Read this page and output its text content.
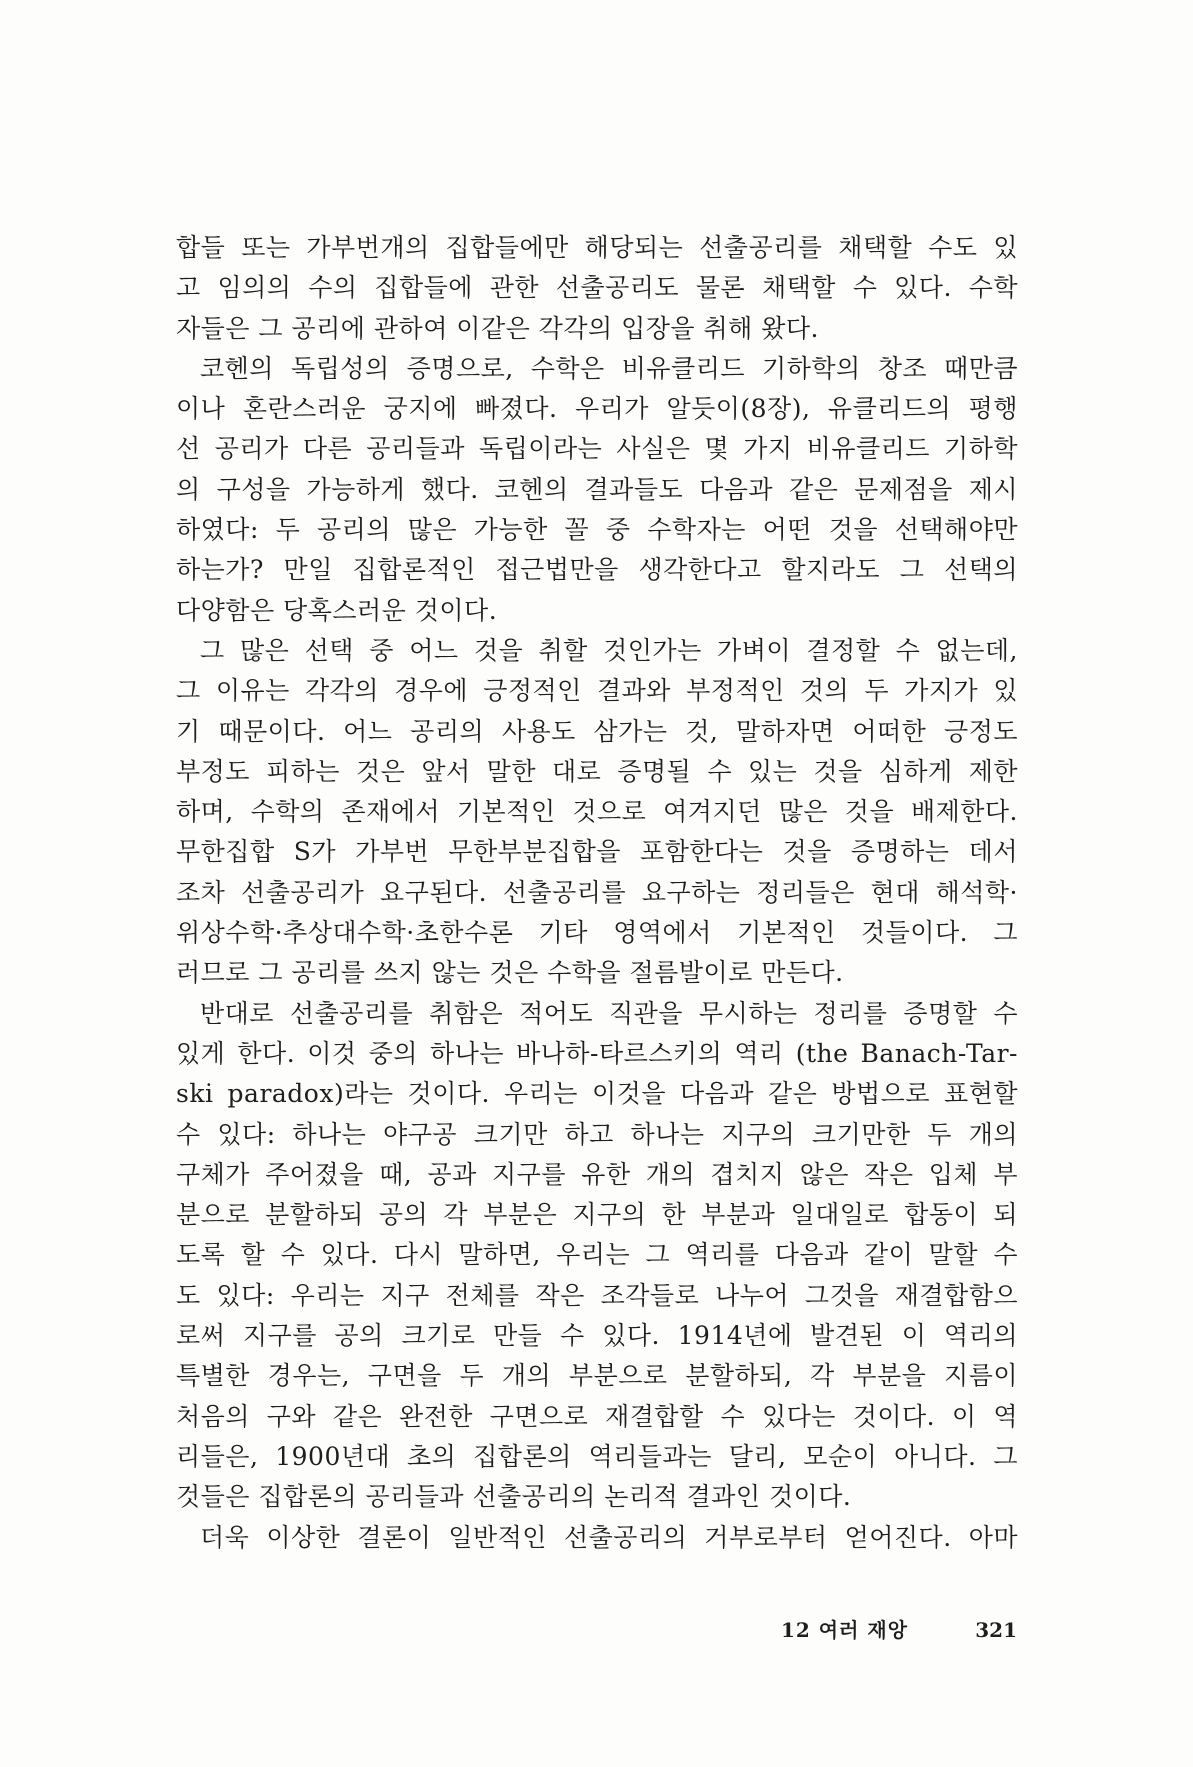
합들 또는 가부번개의 집합들에만 해당되는 선출공리를 채택할 수도 있
고 임의의 수의 집합들에 관한 선출공리도 물론 채택할 수 있다. 수학
자들은 그 공리에 관하여 이같은 각각의 입장을 취해 왔다.
코헨의 독립성의 증명으로, 수학은 비유클리드 기하학의 창조 때만큼
이나 혼란스러운 궁지에 빠졌다. 우리가 알듯이(8장), 유클리드의 평행
선 공리가 다른 공리들과 독립이라는 사실은 몇 가지 비유클리드 기하학
의 구성을 가능하게 했다. 코헨의 결과들도 다음과 같은 문제점을 제시
하였다: 두 공리의 많은 가능한 꼴 중 수학자는 어떤 것을 선택해야만
하는가? 만일 집합론적인 접근법만을 생각한다고 할지라도 그 선택의
다양함은 당혹스러운 것이다.
그 많은 선택 중 어느 것을 취할 것인가는 가벼이 결정할 수 없는데,
그 이유는 각각의 경우에 긍정적인 결과와 부정적인 것의 두 가지가 있
기 때문이다. 어느 공리의 사용도 삼가는 것, 말하자면 어떠한 긍정도
부정도 피하는 것은 앞서 말한 대로 증명될 수 있는 것을 심하게 제한
하며, 수학의 존재에서 기본적인 것으로 여겨지던 많은 것을 배제한다.
무한집합 S가 가부번 무한부분집합을 포함한다는 것을 증명하는 데서
조차 선출공리가 요구된다. 선출공리를 요구하는 정리들은 현대 해석학·
위상수학·추상대수학·초한수론 기타 영역에서 기본적인 것들이다. 그
러므로 그 공리를 쓰지 않는 것은 수학을 절름발이로 만든다.
반대로 선출공리를 취함은 적어도 직관을 무시하는 정리를 증명할 수
있게 한다. 이것 중의 하나는 바나하-타르스키의 역리 (the Banach-Tar-
ski paradox)라는 것이다. 우리는 이것을 다음과 같은 방법으로 표현할
수 있다: 하나는 야구공 크기만 하고 하나는 지구의 크기만한 두 개의
구체가 주어졌을 때, 공과 지구를 유한 개의 겹치지 않은 작은 입체 부
분으로 분할하되 공의 각 부분은 지구의 한 부분과 일대일로 합동이 되
도록 할 수 있다. 다시 말하면, 우리는 그 역리를 다음과 같이 말할 수
도 있다: 우리는 지구 전체를 작은 조각들로 나누어 그것을 재결합함으
로써 지구를 공의 크기로 만들 수 있다. 1914년에 발견된 이 역리의
특별한 경우는, 구면을 두 개의 부분으로 분할하되, 각 부분을 지름이
처음의 구와 같은 완전한 구면으로 재결합할 수 있다는 것이다. 이 역
리들은, 1900년대 초의 집합론의 역리들과는 달리, 모순이 아니다. 그
것들은 집합론의 공리들과 선출공리의 논리적 결과인 것이다.
더욱 이상한 결론이 일반적인 선출공리의 거부로부터 얻어진다. 아마
12 여러 재앙	321
